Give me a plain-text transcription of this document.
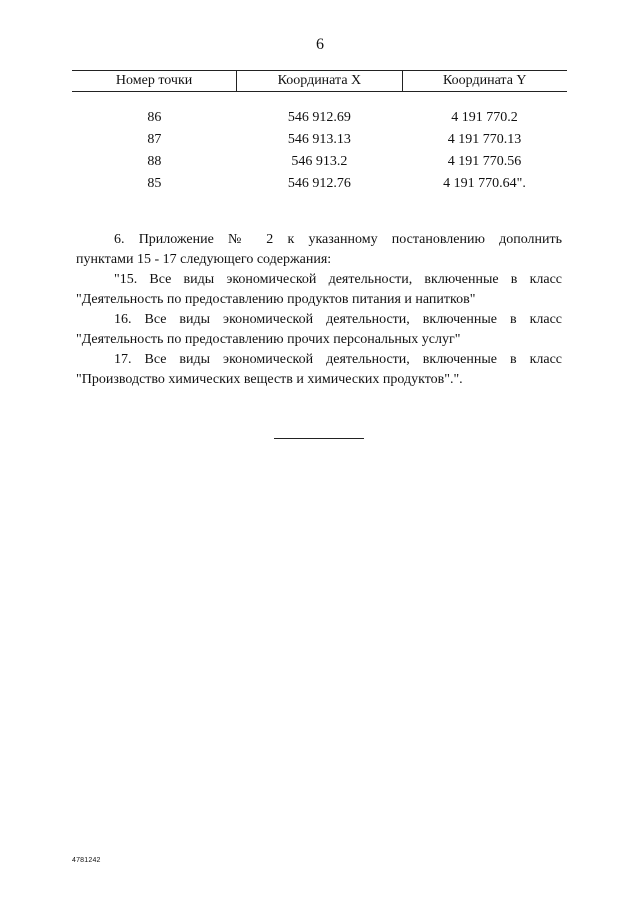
6
Номер точки	Координата X	Координата Y

86	546 912.69	4 191 770.2
87	546 913.13	4 191 770.13
88	546 913.2	4 191 770.56
85	546 912.76	4 191 770.64".

6. Приложение № 2 к указанному постановлению дополнить

пунктами 15 - 17 следующего содержания:

"15. Все виды экономической деятельности, включенные в класс

"Деятельность по предоставлению продуктов питания и напитков"

16. Все виды экономической деятельности, включенные в класс

"Деятельность по предоставлению прочих персональных услуг"

17. Все виды экономической деятельности, включенные в класс

"Производство химических веществ и химических продуктов".".

4781242
